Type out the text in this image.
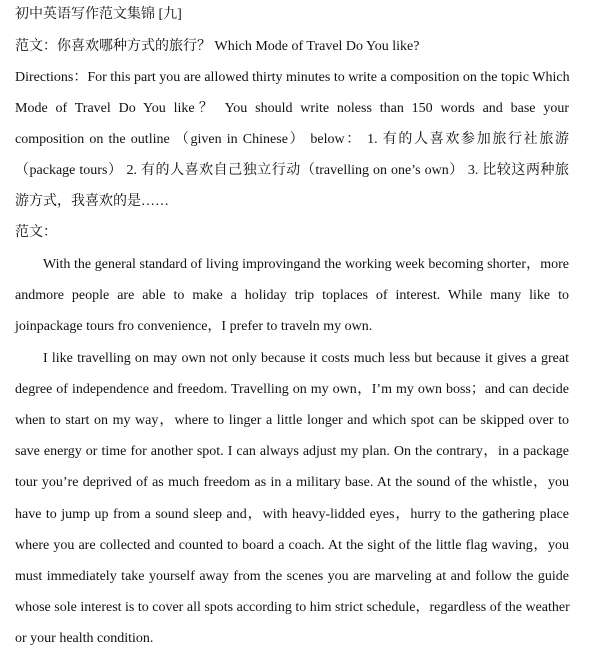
初中英语写作范文集锦 [九]
范文：你喜欢哪种方式的旅行？ Which Mode of Travel Do You like?
Directions：For this part you are allowed thirty minutes to write a composition on the topic Which
Mode of Travel Do You like？ You should write noless than 150 words and base your
composition on the outline （given in Chinese） below： 1. 有的人喜欢参加旅行社旅游
（package tours） 2. 有的人喜欢自己独立行动（travelling on one’s own） 3. 比较这两种旅
游方式，我喜欢的是……
范文：
With the general standard of living improvingand the working week becoming shorter，more
andmore people are able to make a holiday trip toplaces of interest. While many like to
joinpackage tours fro convenience，I prefer to traveln my own.
I like travelling on may own not only because it costs much less but because it gives a great
degree of independence and freedom. Travelling on my own，I’m my own boss；and can decide
when to start on my way，where to linger a little longer and which spot can be skipped over to
save energy or time for another spot. I can always adjust my plan. On the contrary，in a package
tour you’re deprived of as much freedom as in a military base. At the sound of the whistle，you
have to jump up from a sound sleep and，with heavy-lidded eyes，hurry to the gathering place
where you are collected and counted to board a coach. At the sight of the little flag waving，you
must immediately take yourself away from the scenes you are marveling at and follow the guide
whose sole interest is to cover all spots according to him strict schedule，regardless of the weather
or your health condition.
